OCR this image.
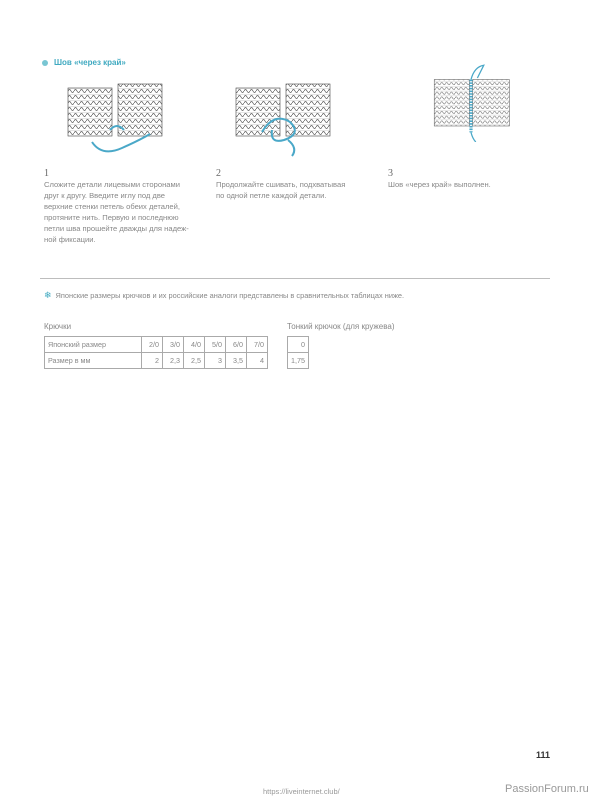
Шов «через край»
1
Сложите детали лицевыми сторонами
друг к другу. Введите иглу под две
верхние стенки петель обеих деталей,
протяните нить. Первую и последнюю
петли шва прошейте дважды для надеж-
ной фиксации.
2
Продолжайте сшивать, подхватывая
по одной петле каждой детали.
3
Шов «через край» выполнен.
❄ Японские размеры крючков и их российские аналоги представлены в сравнительных таблицах ниже.
Крючки
Японский размер	2/0	3/0	4/0	5/0	6/0	7/0
Размер в мм	2	2,3	2,5	3	3,5	4
Тонкий крючок (для кружева)
0
1,75
111
https://liveinternet.club/	PassionForum.ru
